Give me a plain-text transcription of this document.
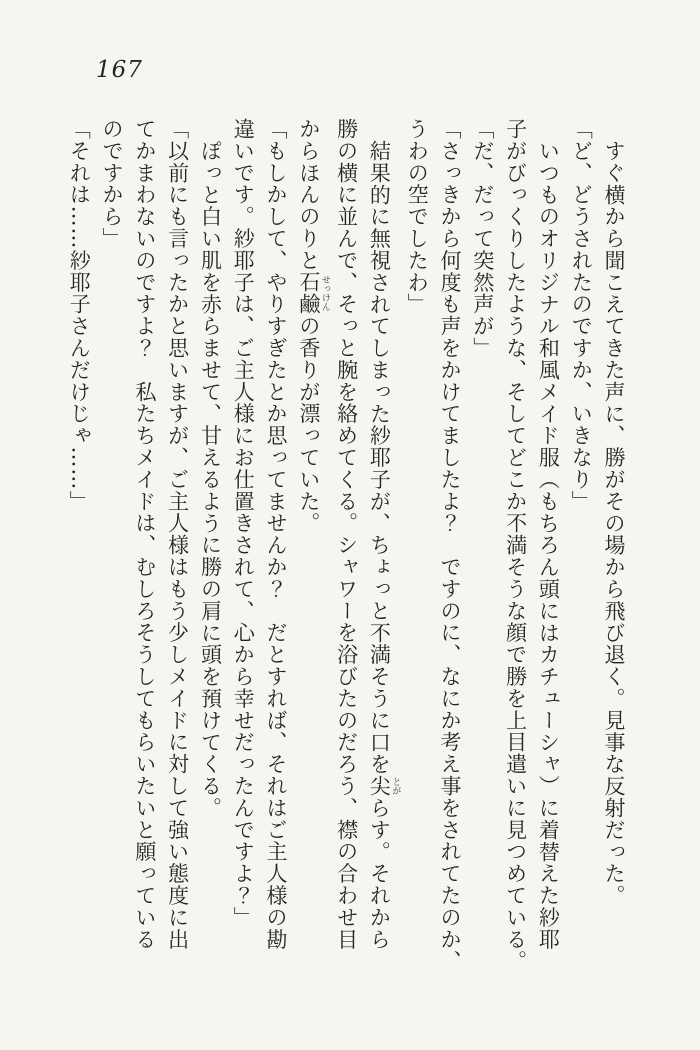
167
すぐ横から聞こえてきた声に、勝がその場から飛び退く。見事な反射だった。
「ど、どうされたのですか、いきなり」
いつものオリジナル和風メイド服（もちろん頭にはカチューシャ）に着替えた紗耶
子がびっくりしたような、そしてどこか不満そうな顔で勝を上目遣いに見つめている。
「だ、だって突然声が」
「さっきから何度も声をかけてましたよ？　ですのに、なにか考え事をされてたのか、
うわの空でしたわ」
結果的に無視されてしまった紗耶子が、ちょっと不満そうに口を尖 とがらす。それから
勝の横に並んで、そっと腕を絡めてくる。シャワーを浴びたのだろう、襟の合わせ目
からほんのりと石鹼 せっけんの香りが漂っていた。
「もしかして、やりすぎたとか思ってませんか？　だとすれば、それはご主人様の勘
違いです。紗耶子は、ご主人様にお仕置きされて、心から幸せだったんですよ？」
ぽっと白い肌を赤らませて、甘えるように勝の肩に頭を預けてくる。
「以前にも言ったかと思いますが、ご主人様はもう少しメイドに対して強い態度に出
てかまわないのですよ？　私たちメイドは、むしろそうしてもらいたいと願っている
のですから」
「それは……紗耶子さんだけじゃ……」
